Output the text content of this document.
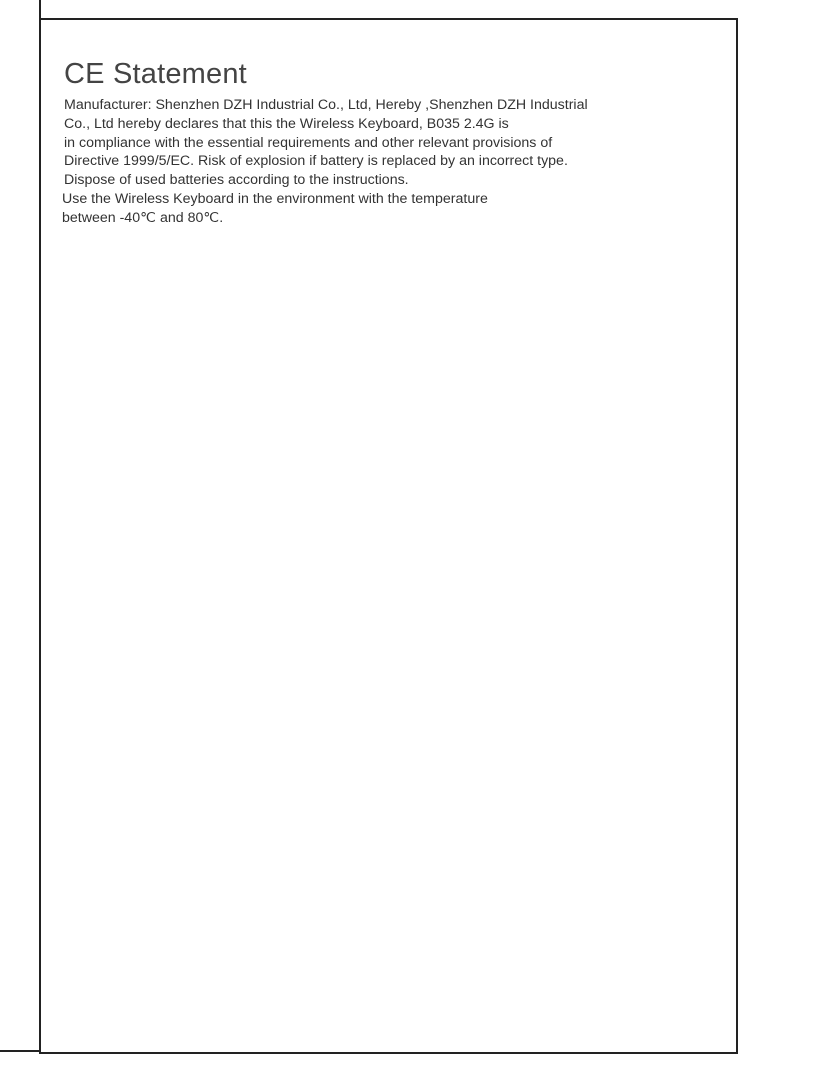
CE Statement

Manufacturer: Shenzhen DZH Industrial Co., Ltd, Hereby ,Shenzhen DZH Industrial

Co., Ltd hereby declares that this the Wireless Keyboard, B035 2.4G is

in compliance with the essential requirements and other relevant provisions of

Directive 1999/5/EC. Risk of explosion if battery is replaced by an incorrect type.

Dispose of used batteries according to the instructions.

Use the Wireless Keyboard in the environment with the temperature

between -40℃ and 80℃.
